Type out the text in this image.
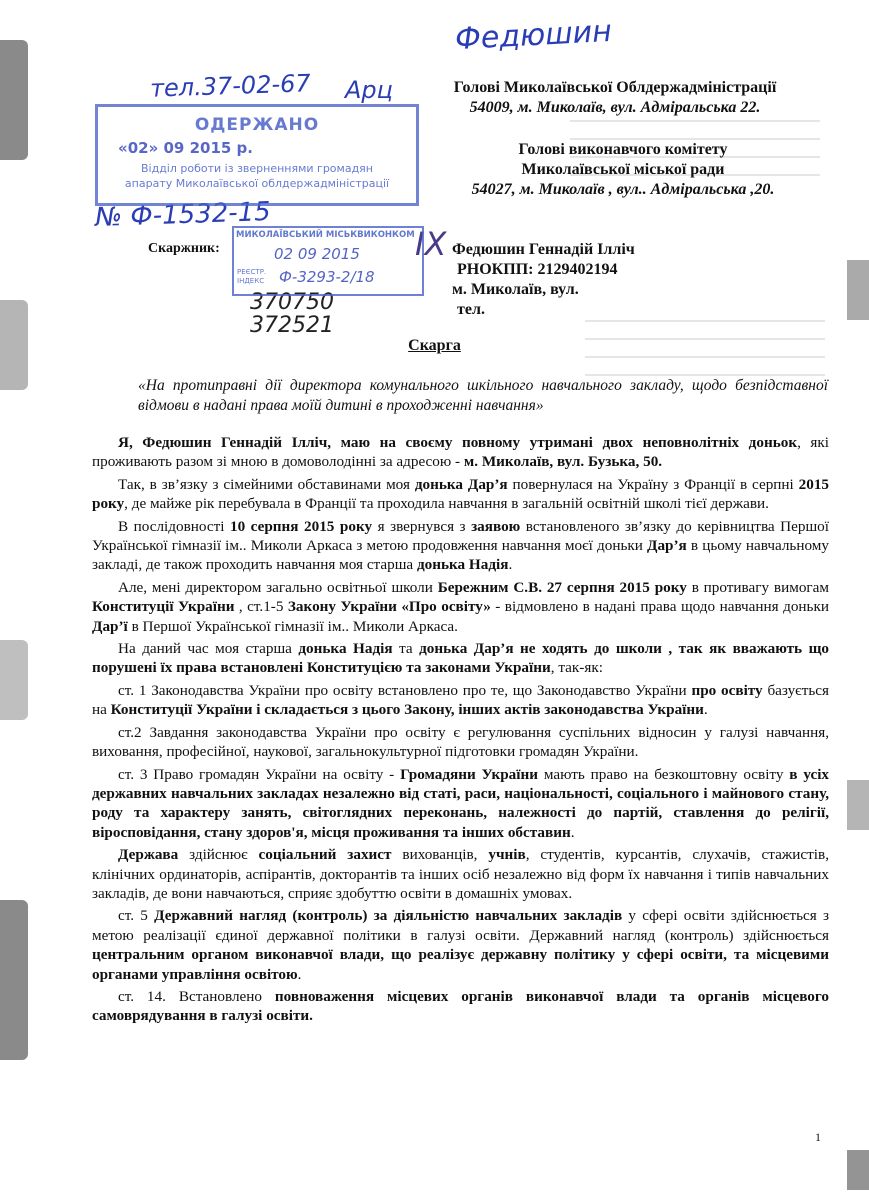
Федюшин
тел.37-02-67 Арц
№ Ф-1532-15
IX
370750
372521
ОДЕРЖАНО
«02» 09 2015 р.
Відділ роботи із зверненнями громадян
апарату Миколаївської облдержадміністрації
МИКОЛАЇВСЬКИЙ МІСЬКВИКОНКОМ
02 09 2015
РЕЄСТР. ІНДЕКС Ф-3293-2/18
Голові Миколаївської Облдержадміністрації
54009, м. Миколаїв, вул. Адміральська 22.
Голові виконавчого комітету
Миколаївської міської ради
54027, м. Миколаїв , вул.. Адміральська ,20.
Скаржник:	Федюшин Геннадій Ілліч
РНОКПП: 2129402194
м. Миколаїв, вул.
тел.
Скарга
«На протиправні дії директора комунального шкільного навчального закладу, щодо безпідставної відмови в надані права моїй дитині в проходженні навчання»

Я, Федюшин Геннадій Ілліч, маю на своєму повному утримані двох неповнолітніх доньок, які проживають разом зі мною в домоволодінні за адресою - м. Миколаїв, вул. Бузька, 50.

Так, в зв’язку з сімейними обставинами моя донька Дар’я повернулася на Україну з Франції в серпні 2015 року, де майже рік перебувала в Франції та проходила навчання в загальній освітній школі тієї держави.

В послідовності 10 серпня 2015 року я звернувся з заявою встановленого зв’язку до керівництва Першої Української гімназії ім.. Миколи Аркаса з метою продовження навчання моєї доньки Дар’я в цьому навчальному закладі, де також проходить навчання моя старша донька Надія.

Але, мені директором загально освітньої школи Бережним С.В. 27 серпня 2015 року в противагу вимогам Конституції України , ст.1-5 Закону України «Про освіту» - відмовлено в надані права щодо навчання доньки Дар’ї в Першої Української гімназії ім.. Миколи Аркаса.

На даний час моя старша донька Надія та донька Дар’я не ходять до школи , так як вважають що порушені їх права встановлені Конституцією та законами України, так-як:

ст. 1 Законодавства України про освіту встановлено про те, що Законодавство України про освіту базується на Конституції України і складається з цього Закону, інших актів законодавства України.

ст.2 Завдання законодавства України про освіту є регулювання суспільних відносин у галузі навчання, виховання, професійної, наукової, загальнокультурної підготовки громадян України.

ст. 3 Право громадян України на освіту - Громадяни України мають право на безкоштовну освіту в усіх державних навчальних закладах незалежно від статі, раси, національності, соціального і майнового стану, роду та характеру занять, світоглядних переконань, належності до партій, ставлення до релігії, віросповідання, стану здоров'я, місця проживання та інших обставин.

Держава здійснює соціальний захист вихованців, учнів, студентів, курсантів, слухачів, стажистів, клінічних ординаторів, аспірантів, докторантів та інших осіб незалежно від форм їх навчання і типів навчальних закладів, де вони навчаються, сприяє здобуттю освіти в домашніх умовах.

ст. 5 Державний нагляд (контроль) за діяльністю навчальних закладів у сфері освіти здійснюється з метою реалізації єдиної державної політики в галузі освіти. Державний нагляд (контроль) здійснюється центральним органом виконавчої влади, що реалізує державну політику у сфері освіти, та місцевими органами управління освітою.

ст. 14. Встановлено повноваження місцевих органів виконавчої влади та органів місцевого самоврядування в галузі освіти.

1
